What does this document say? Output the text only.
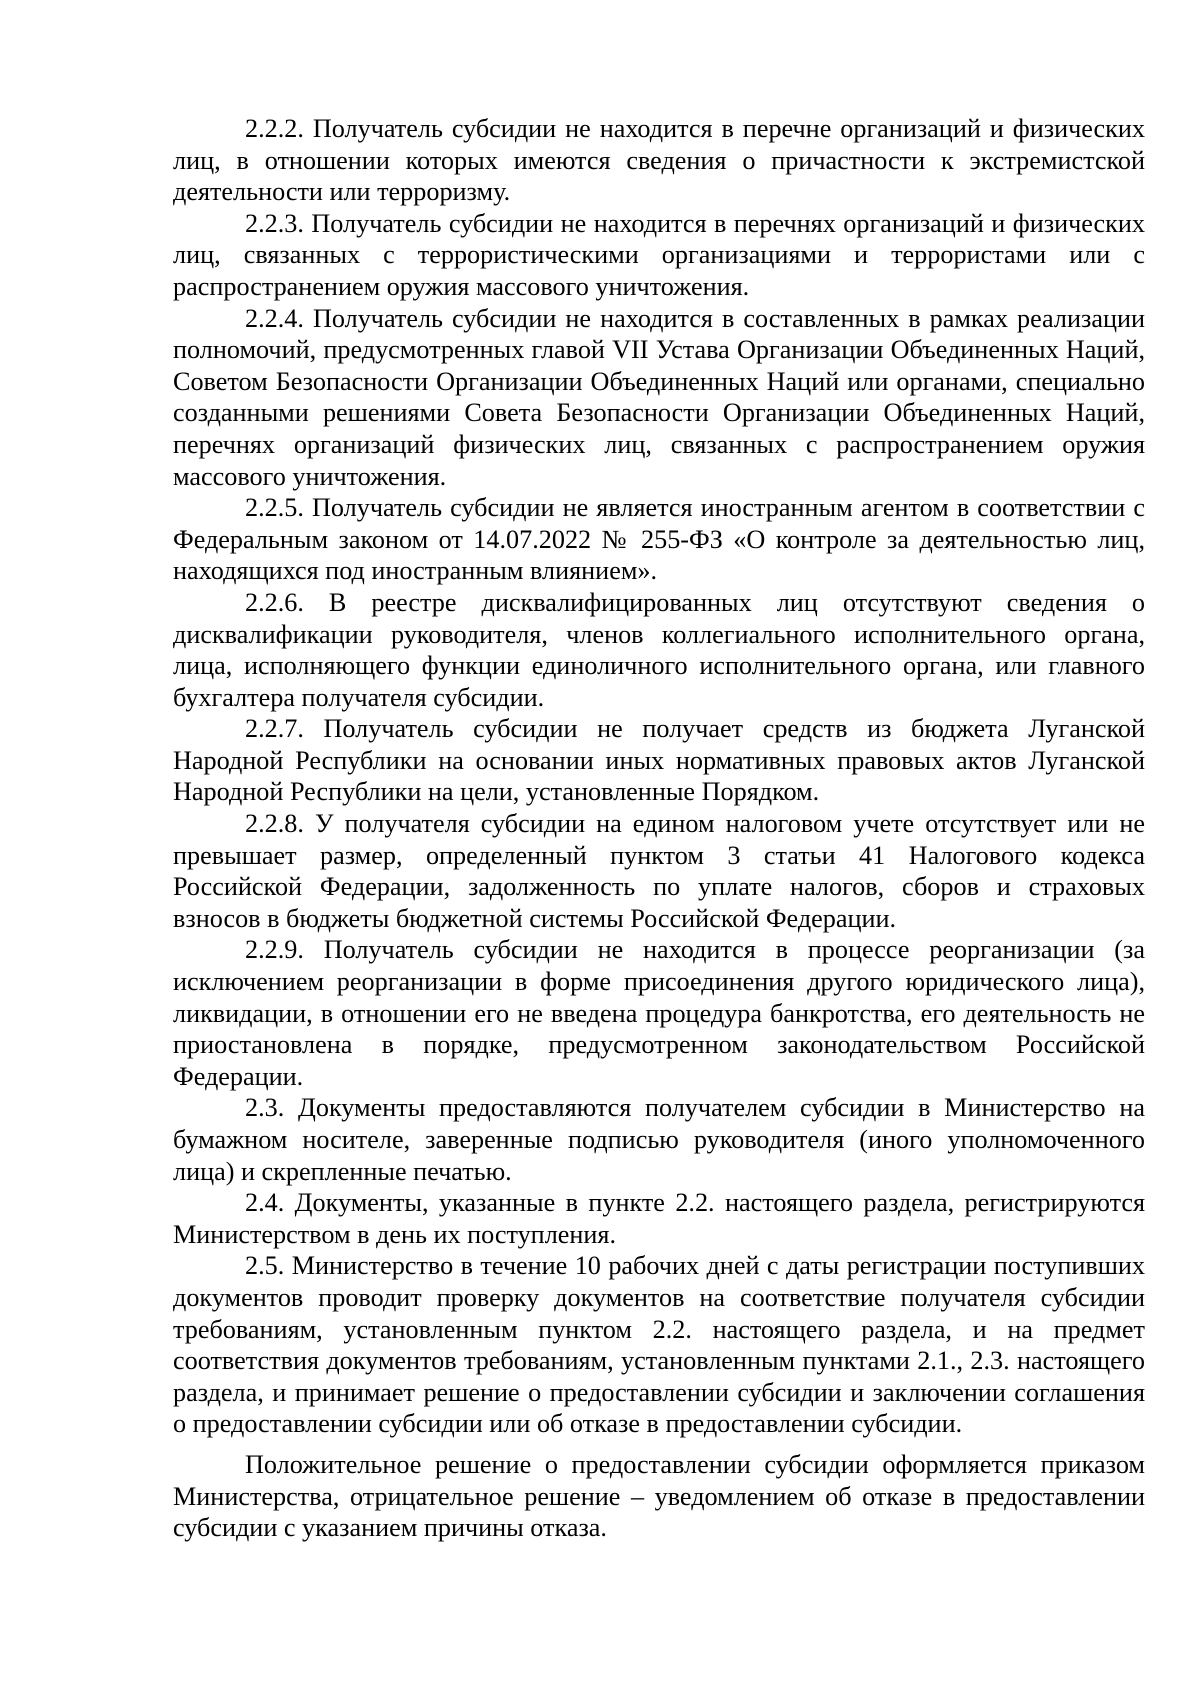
2.2.2. Получатель субсидии не находится в перечне организаций и физических лиц, в отношении которых имеются сведения о причастности к экстремистской деятельности или терроризму.

2.2.3. Получатель субсидии не находится в перечнях организаций и физических лиц, связанных с террористическими организациями и террористами или с распространением оружия массового уничтожения.

2.2.4. Получатель субсидии не находится в составленных в рамках реализации полномочий, предусмотренных главой VII Устава Организации Объединенных Наций, Советом Безопасности Организации Объединенных Наций или органами, специально созданными решениями Совета Безопасности Организации Объединенных Наций, перечнях организаций физических лиц, связанных с распространением оружия массового уничтожения.

2.2.5. Получатель субсидии не является иностранным агентом в соответствии с Федеральным законом от 14.07.2022 № 255-ФЗ «О контроле за деятельностью лиц, находящихся под иностранным влиянием».

2.2.6. В реестре дисквалифицированных лиц отсутствуют сведения о дисквалификации руководителя, членов коллегиального исполнительного органа, лица, исполняющего функции единоличного исполнительного органа, или главного бухгалтера получателя субсидии.

2.2.7. Получатель субсидии не получает средств из бюджета Луганской Народной Республики на основании иных нормативных правовых актов Луганской Народной Республики на цели, установленные Порядком.

2.2.8. У получателя субсидии на едином налоговом учете отсутствует или не превышает размер, определенный пунктом 3 статьи 41 Налогового кодекса Российской Федерации, задолженность по уплате налогов, сборов и страховых взносов в бюджеты бюджетной системы Российской Федерации.

2.2.9. Получатель субсидии не находится в процессе реорганизации (за исключением реорганизации в форме присоединения другого юридического лица), ликвидации, в отношении его не введена процедура банкротства, его деятельность не приостановлена в порядке, предусмотренном законодательством Российской Федерации.

2.3. Документы предоставляются получателем субсидии в Министерство на бумажном носителе, заверенные подписью руководителя (иного уполномоченного лица) и скрепленные печатью.

2.4. Документы, указанные в пункте 2.2. настоящего раздела, регистрируются Министерством в день их поступления.

2.5. Министерство в течение 10 рабочих дней с даты регистрации поступивших документов проводит проверку документов на соответствие получателя субсидии требованиям, установленным пунктом 2.2. настоящего раздела, и на предмет соответствия документов требованиям, установленным пунктами 2.1., 2.3. настоящего раздела, и принимает решение о предоставлении субсидии и заключении соглашения о предоставлении субсидии или об отказе в предоставлении субсидии.

Положительное решение о предоставлении субсидии оформляется приказом Министерства, отрицательное решение – уведомлением об отказе в предоставлении субсидии с указанием причины отказа.
